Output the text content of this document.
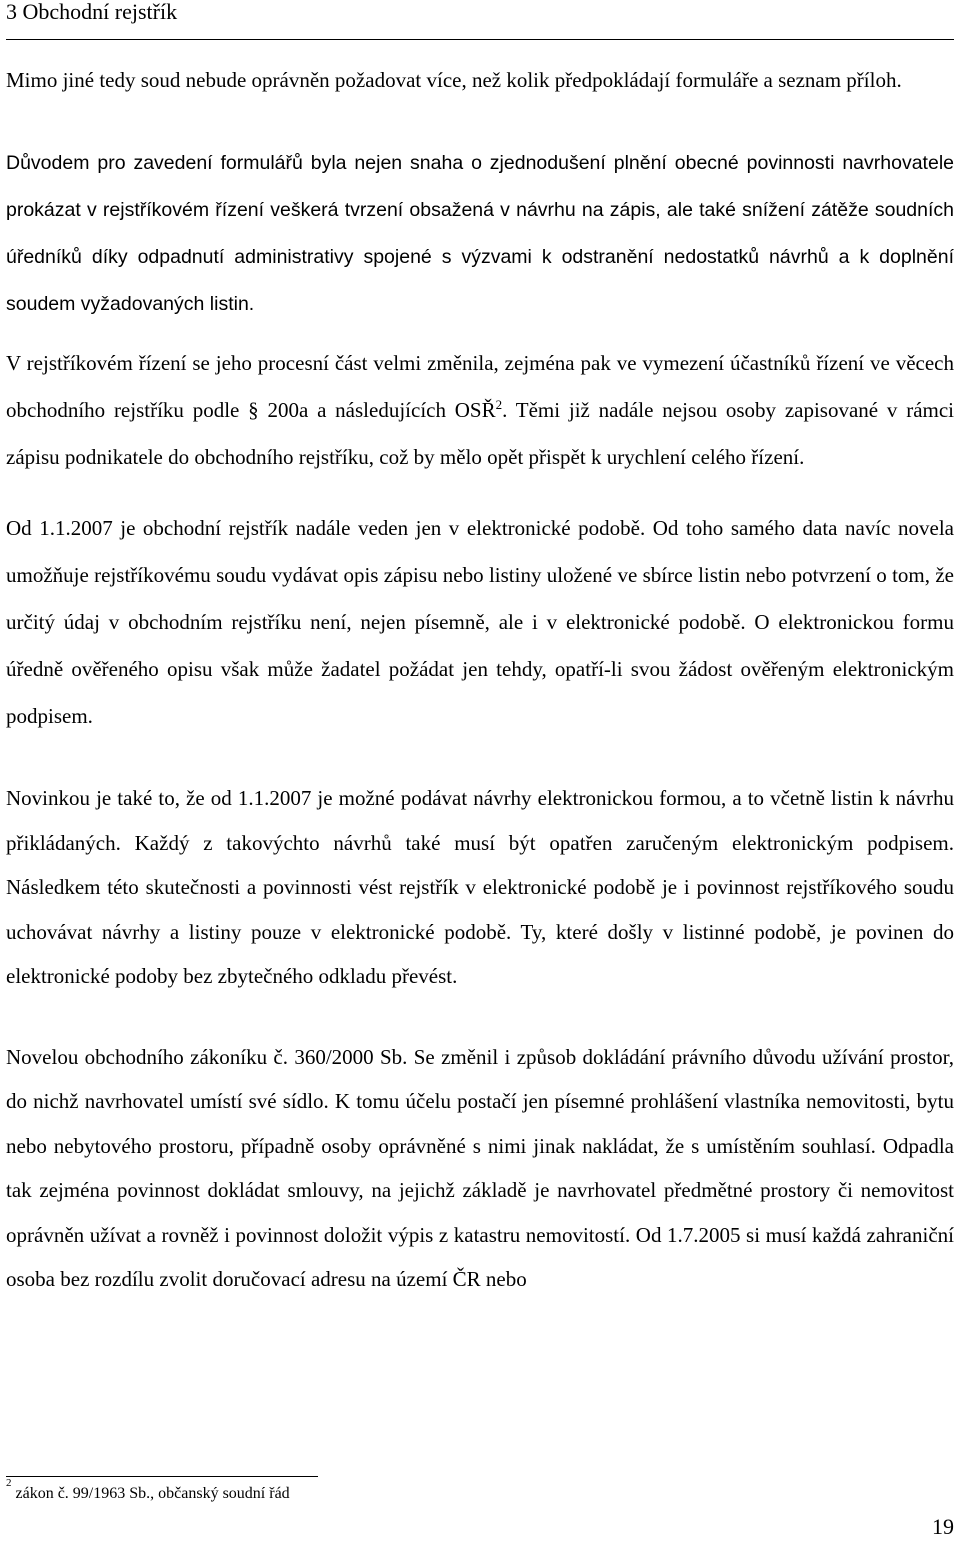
3 Obchodní rejstřík

Mimo jiné tedy soud nebude oprávněn požadovat více, než kolik předpokládají formuláře a seznam příloh.

Důvodem pro zavedení formulářů byla nejen snaha o zjednodušení plnění obecné povinnosti navrhovatele prokázat v rejstříkovém řízení veškerá tvrzení obsažená v návrhu na zápis, ale také snížení zátěže soudních úředníků díky odpadnutí administrativy spojené s výzvami k odstranění nedostatků návrhů a k doplnění soudem vyžadovaných listin.

V rejstříkovém řízení se jeho procesní část velmi změnila, zejména pak ve vymezení účastníků řízení ve věcech obchodního rejstříku podle § 200a a následujících OSŘ$^2$. Těmi již nadále nejsou osoby zapisované v rámci zápisu podnikatele do obchodního rejstříku, což by mělo opět přispět k urychlení celého řízení.

Od 1.1.2007 je obchodní rejstřík nadále veden jen v elektronické podobě. Od toho samého data navíc novela umožňuje rejstříkovému soudu vydávat opis zápisu nebo listiny uložené ve sbírce listin nebo potvrzení o tom, že určitý údaj v obchodním rejstříku není, nejen písemně, ale i v elektronické podobě. O elektronickou formu úředně ověřeného opisu však může žadatel požádat jen tehdy, opatří-li svou žádost ověřeným elektronickým podpisem.

Novinkou je také to, že od 1.1.2007 je možné podávat návrhy elektronickou formou, a to včetně listin k návrhu přikládaných. Každý z takovýchto návrhů také musí být opatřen zaručeným elektronickým podpisem. Následkem této skutečnosti a povinnosti vést rejstřík v elektronické podobě je i povinnost rejstříkového soudu uchovávat návrhy a listiny pouze v elektronické podobě. Ty, které došly v listinné podobě, je povinen do elektronické podoby bez zbytečného odkladu převést.

Novelou obchodního zákoníku č. 360/2000 Sb. Se změnil i způsob dokládání právního důvodu užívání prostor, do nichž navrhovatel umístí své sídlo. K tomu účelu postačí jen písemné prohlášení vlastníka nemovitosti, bytu nebo nebytového prostoru, případně osoby oprávněné s nimi jinak nakládat, že s umístěním souhlasí. Odpadla tak zejména povinnost dokládat smlouvy, na jejichž základě je navrhovatel předmětné prostory či nemovitost oprávněn užívat a rovněž i povinnost doložit výpis z katastru nemovitostí. Od 1.7.2005 si musí každá zahraniční osoba bez rozdílu zvolit doručovací adresu na území ČR nebo

$^2$ zákon č. 99/1963 Sb., občanský soudní řád
19
